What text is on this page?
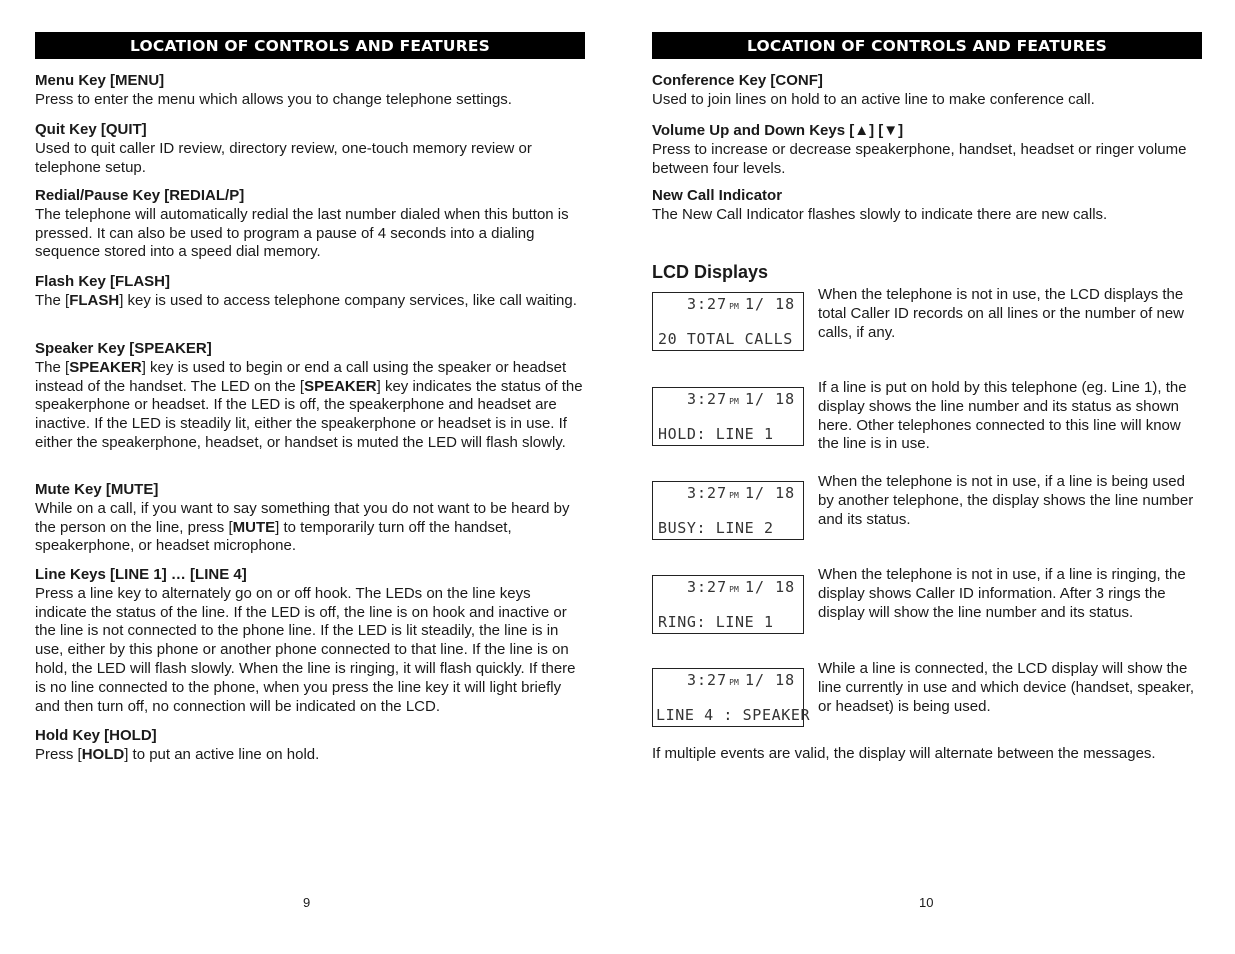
LOCATION OF CONTROLS AND FEATURES
Menu Key [MENU]
Press to enter the menu which allows you to change telephone settings.
Quit Key [QUIT]
Used to quit caller ID review, directory review, one-touch memory review or telephone setup.
Redial/Pause Key [REDIAL/P]
The telephone will automatically redial the last number dialed when this button is pressed. It can also be used to program a pause of 4 seconds into a dialing sequence stored into a speed dial memory.
Flash Key [FLASH]
The [FLASH] key is used to access telephone company services, like call waiting.
Speaker Key [SPEAKER]
The [SPEAKER] key is used to begin or end a call using the speaker or headset instead of the handset. The LED on the [SPEAKER] key indicates the status of the speakerphone or headset. If the LED is off, the speakerphone and headset are inactive. If the LED is steadily lit, either the speakerphone or headset is in use. If either the speakerphone, headset, or handset is muted the LED will flash slowly.
Mute Key [MUTE]
While on a call, if you want to say something that you do not want to be heard by the person on the line, press [MUTE] to temporarily turn off the handset, speakerphone, or headset microphone.
Line Keys [LINE 1] … [LINE 4]
Press a line key to alternately go on or off hook. The LEDs on the line keys indicate the status of the line. If the LED is off, the line is on hook and inactive or the line is not connected to the phone line. If the LED is lit steadily, the line is in use, either by this phone or another phone connected to that line. If the line is on hold, the LED will flash slowly. When the line is ringing, it will flash quickly. If there is no line connected to the phone, when you press the line key it will light briefly and then turn off, no connection will be indicated on the LCD.
Hold Key [HOLD]
Press [HOLD] to put an active line on hold.
9
LOCATION OF CONTROLS AND FEATURES
Conference Key [CONF]
Used to join lines on hold to an active line to make conference call.
Volume Up and Down Keys [▲] [▼]
Press to increase or decrease speakerphone, handset, headset or ringer volume between four levels.
New Call Indicator
The New Call Indicator flashes slowly to indicate there are new calls.
LCD Displays
3:27 PM 1/ 18
20 TOTAL CALLS
When the telephone is not in use, the LCD displays the total Caller ID records on all lines or the number of new calls, if any.
3:27 PM 1/ 18
HOLD: LINE 1
If a line is put on hold by this telephone (eg. Line 1), the display shows the line number and its status as shown here. Other telephones connected to this line will know the line is in use.
3:27 PM 1/ 18
BUSY: LINE 2
When the telephone is not in use, if a line is being used by another telephone, the display shows the line number and its status.
3:27 PM 1/ 18
RING: LINE 1
When the telephone is not in use, if a line is ringing, the display shows Caller ID information. After 3 rings the display will show the line number and its status.
3:27 PM 1/ 18
LINE 4 : SPEAKER
While a line is connected, the LCD display will show the line currently in use and which device (handset, speaker, or headset) is being used.
If multiple events are valid, the display will alternate between the messages.
10
